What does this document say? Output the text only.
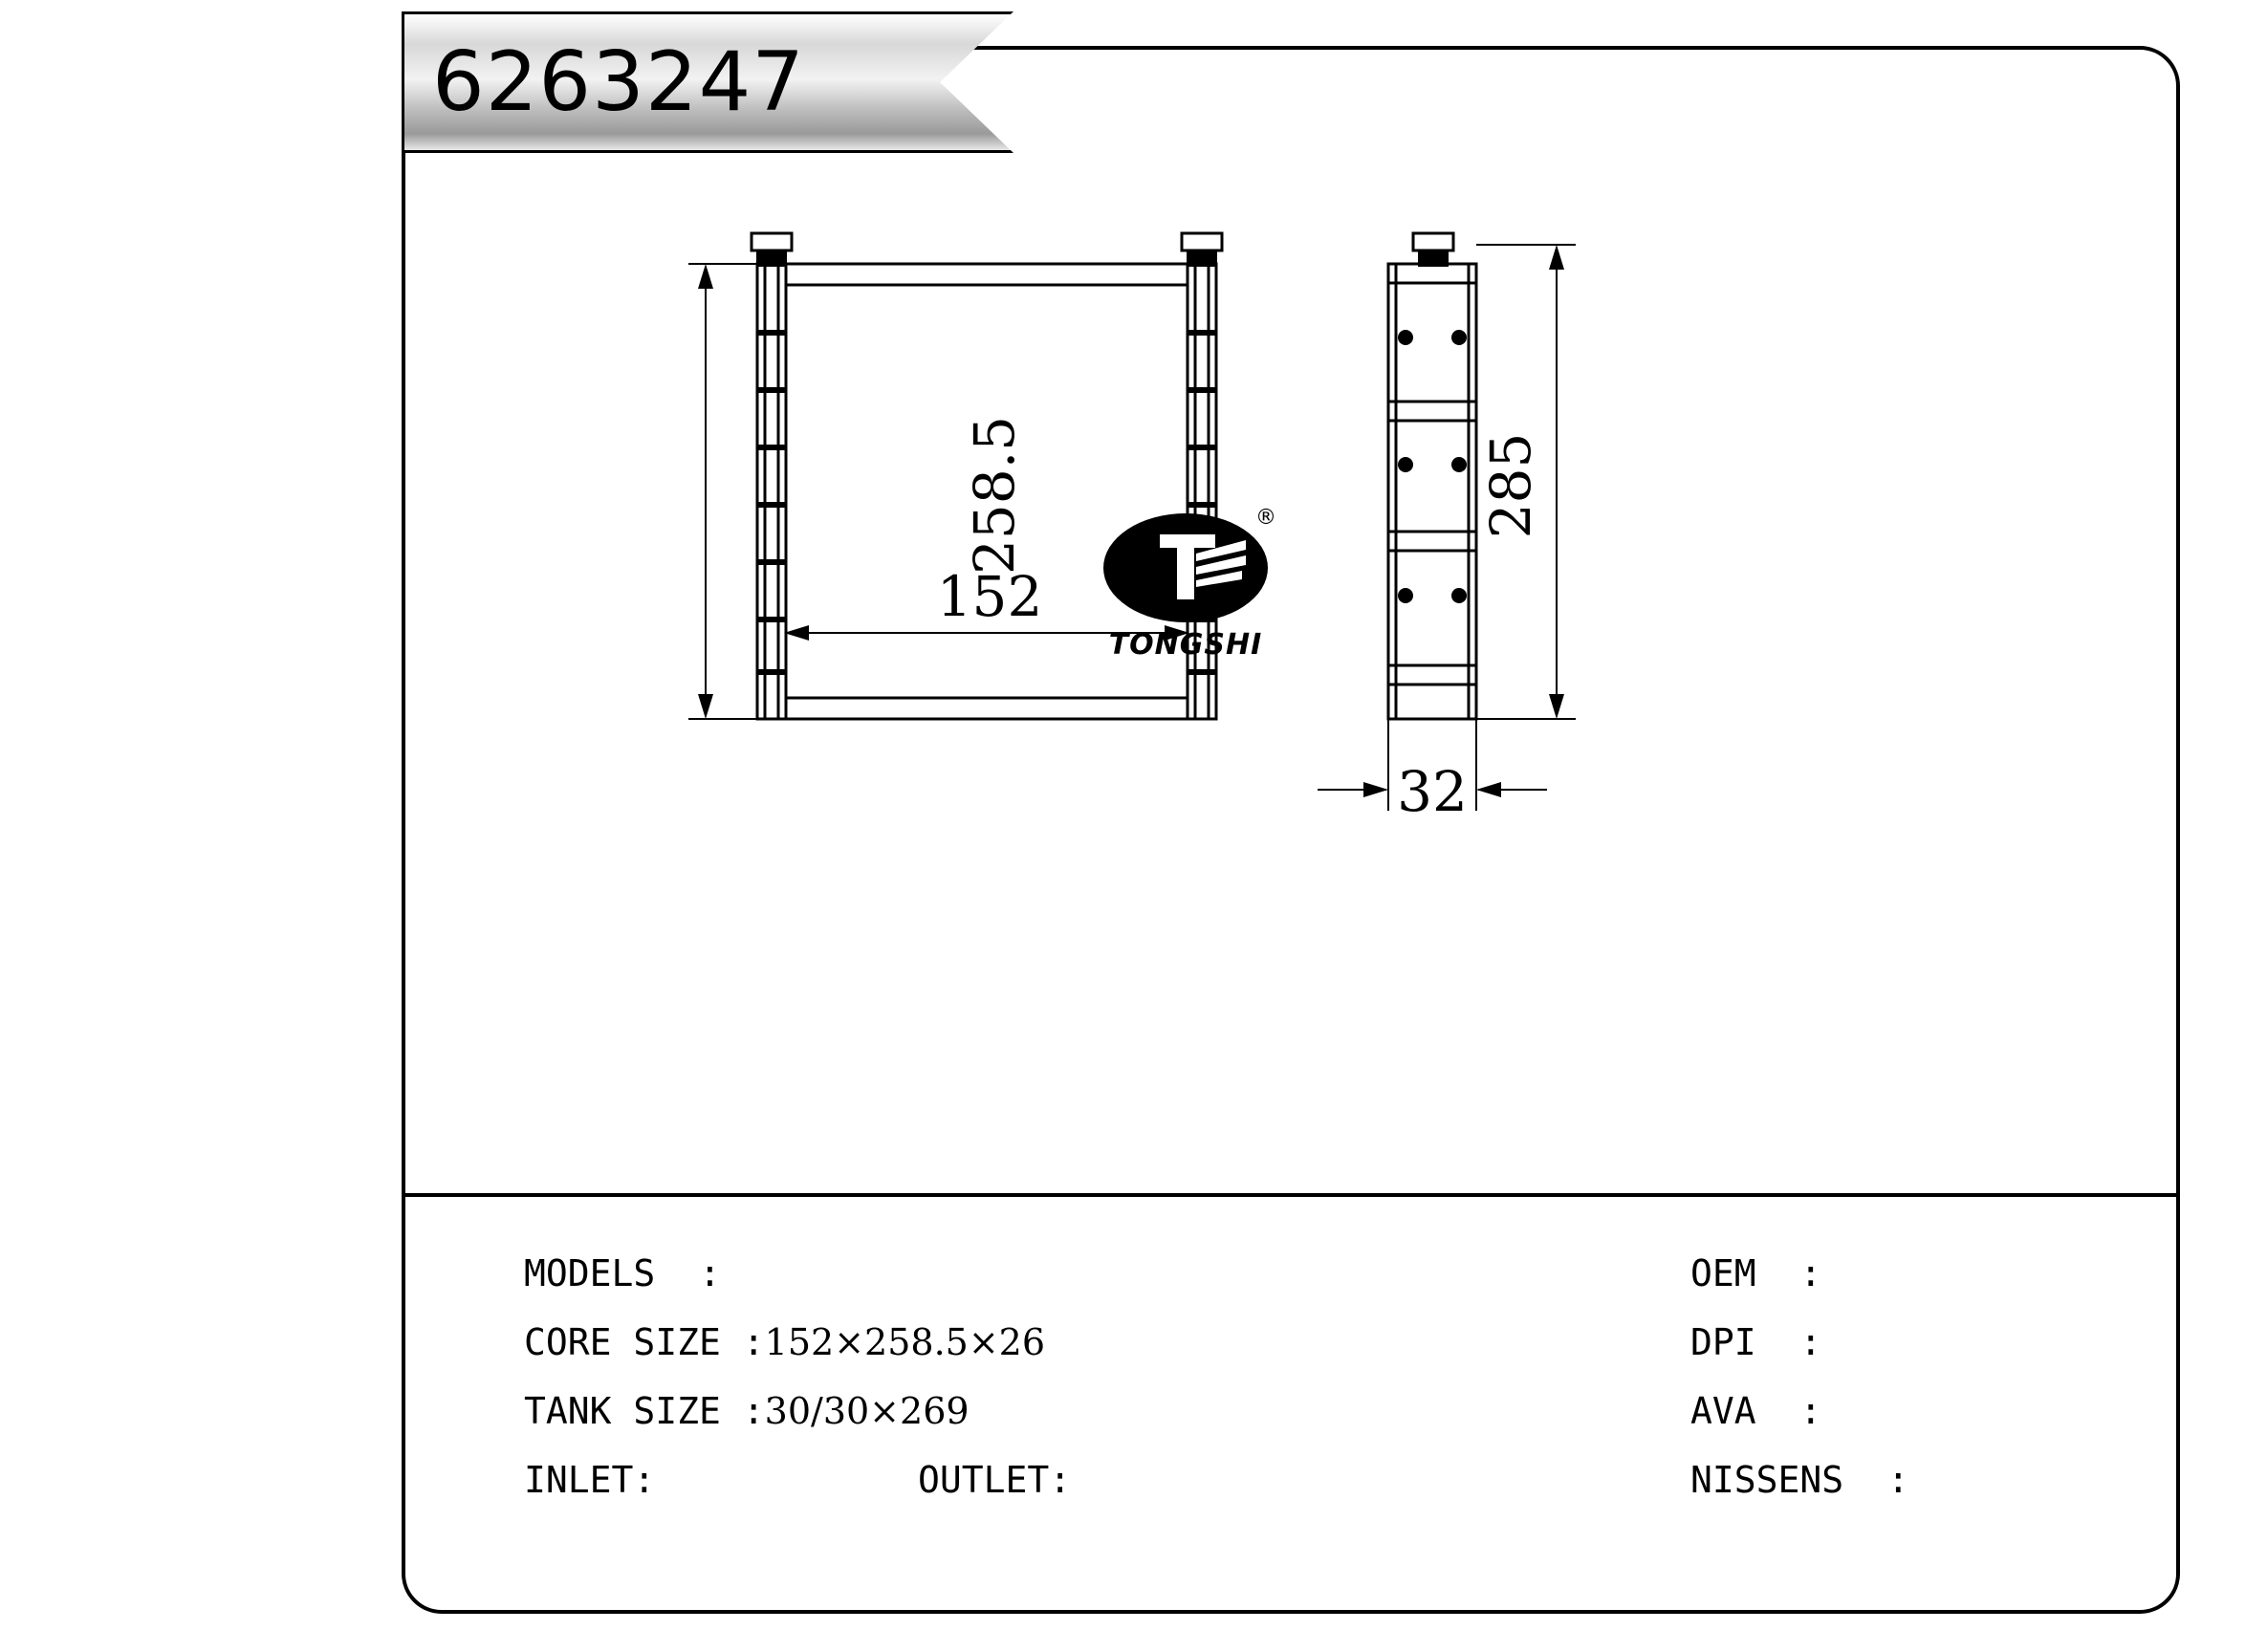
6263247
258.5
152
285
32
®
TONGSHI
MODELS  :
CORE SIZE :152×258.5×26
TANK SIZE :30/30×269
INLET:	OUTLET:
OEM  :
DPI  :
AVA  :
NISSENS  :
